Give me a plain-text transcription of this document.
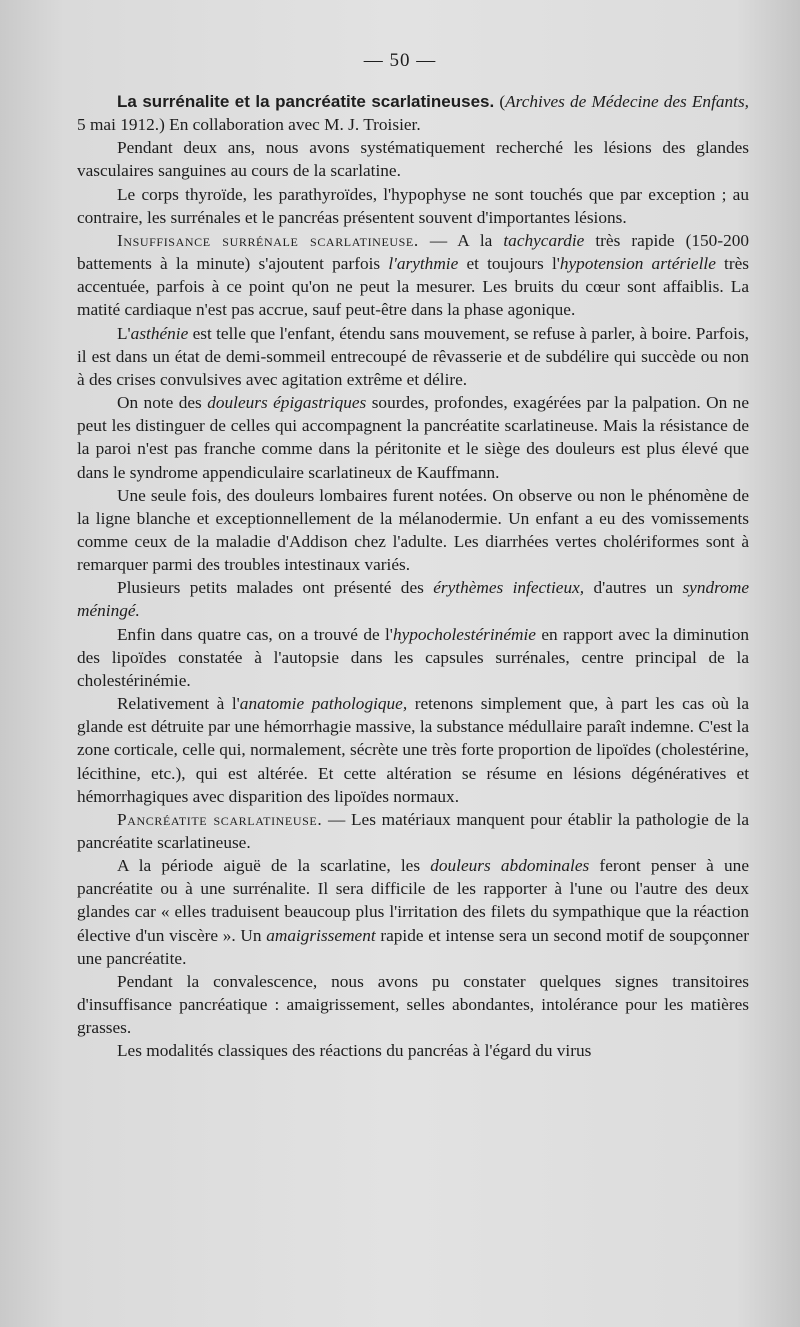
— 50 —

La surrénalite et la pancréatite scarlatineuses. (Archives de Médecine des Enfants, 5 mai 1912.) En collaboration avec M. J. Troisier.

Pendant deux ans, nous avons systématiquement recherché les lésions des glandes vasculaires sanguines au cours de la scarlatine.

Le corps thyroïde, les parathyroïdes, l'hypophyse ne sont touchés que par exception ; au contraire, les surrénales et le pancréas présentent souvent d'importantes lésions.

Insuffisance surrénale scarlatineuse. — A la tachycardie très rapide (150-200 battements à la minute) s'ajoutent parfois l'arythmie et toujours l'hypotension artérielle très accentuée, parfois à ce point qu'on ne peut la mesurer. Les bruits du cœur sont affaiblis. La matité cardiaque n'est pas accrue, sauf peut-être dans la phase agonique.

L'asthénie est telle que l'enfant, étendu sans mouvement, se refuse à parler, à boire. Parfois, il est dans un état de demi-sommeil entrecoupé de rêvasserie et de subdélire qui succède ou non à des crises convulsives avec agitation extrême et délire.

On note des douleurs épigastriques sourdes, profondes, exagérées par la palpation. On ne peut les distinguer de celles qui accompagnent la pancréatite scarlatineuse. Mais la résistance de la paroi n'est pas franche comme dans la péritonite et le siège des douleurs est plus élevé que dans le syndrome appendiculaire scarlatineux de Kauffmann.

Une seule fois, des douleurs lombaires furent notées. On observe ou non le phénomène de la ligne blanche et exceptionnellement de la mélanodermie. Un enfant a eu des vomissements comme ceux de la maladie d'Addison chez l'adulte. Les diarrhées vertes cholériformes sont à remarquer parmi des troubles intestinaux variés.

Plusieurs petits malades ont présenté des érythèmes infectieux, d'autres un syndrome méningé.

Enfin dans quatre cas, on a trouvé de l'hypocholestérinémie en rapport avec la diminution des lipoïdes constatée à l'autopsie dans les capsules surrénales, centre principal de la cholestérinémie.

Relativement à l'anatomie pathologique, retenons simplement que, à part les cas où la glande est détruite par une hémorrhagie massive, la substance médullaire paraît indemne. C'est la zone corticale, celle qui, normalement, sécrète une très forte proportion de lipoïdes (cholestérine, lécithine, etc.), qui est altérée. Et cette altération se résume en lésions dégénératives et hémorrhagiques avec disparition des lipoïdes normaux.

Pancréatite scarlatineuse. — Les matériaux manquent pour établir la pathologie de la pancréatite scarlatineuse.

A la période aiguë de la scarlatine, les douleurs abdominales feront penser à une pancréatite ou à une surrénalite. Il sera difficile de les rapporter à l'une ou l'autre des deux glandes car « elles traduisent beaucoup plus l'irritation des filets du sympathique que la réaction élective d'un viscère ». Un amaigrissement rapide et intense sera un second motif de soupçonner une pancréatite.

Pendant la convalescence, nous avons pu constater quelques signes transitoires d'insuffisance pancréatique : amaigrissement, selles abondantes, intolérance pour les matières grasses.

Les modalités classiques des réactions du pancréas à l'égard du virus
